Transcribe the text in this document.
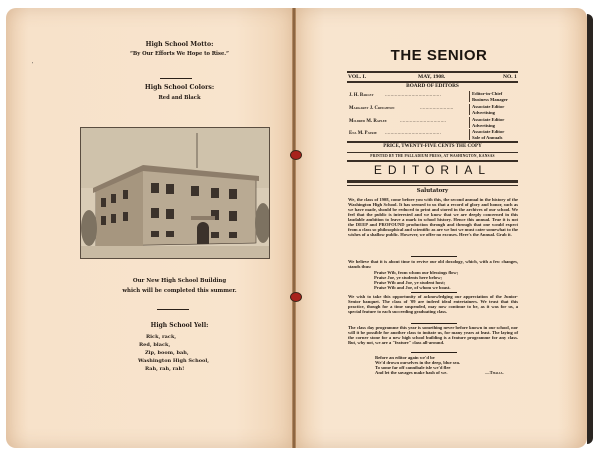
'
High School Motto:
“By Our Efforts We Hope to Rise.”
High School Colors:
Red and Black
Our New High School Building
which will be completed this summer.
High School Yell:
Rick, rack,
Red, black,
Zip, boom, bah,
Washington High School,
Rah, rah, rah!
THE SENIOR
VOL. I.	MAY, 1908.	NO. 1
BOARD OF EDITORS
J. H. Barley ........................................	Editor-in-Chief
Business Manager
Margaret J. Creighton	........................	Associate Editor
Advertising
Mildred M. Raplee	.................................	Associate Editor
Advertising
Ena M. Patrie ........................................	Associate Editor
Sale of Annuals
PRICE, TWENTY-FIVE CENTS THE COPY
PRINTED BY THE PALLADIUM PRESS, AT WASHINGTON, KANSAS
EDITORIAL
Salutatory
We, the class of 1908, come before you with this, the second annual in the history of the Washington High School. It has seemed to us that a record of glory and honor, such as we have made, should be reduced to print and stored in the archives of our school. We feel that the public is interested and we know that we are deeply concerned in this laudable ambition to leave a mark in school history. Hence this annual. True it is not the DEEP and PROFOUND production through and through that one would expect from a class so philosophical and scientific as are we but we must cater somewhat to the wishes of a shallow public. However, we offer no excuses. Here's the Annual. Grab it.
We believe that it is about time to revive our old doxology, which, with a few changes, stands thus:
Praise Wib, from whom our blessings flow;
Praise Joe, ye students here below;
Praise Wib and Joe, ye student host;
Praise Wib and Joe, of whom we boast.
We wish to take this opportunity of acknowledging our appreciation of the Junior-Senior banquet. The class of '09 are indeed ideal entertainers. We trust that this practice, though for a time suspended, may now continue to be, as it was for us, a special feature to each succeeding graduating class.
The class day programme this year is something never before known in our school, nor will it be possible for another class to imitate us, for many years at least. The laying of the corner stone for a new high school building is a feature programme for any class. But, why not, we are a "feature" class all-around.
Before an editor again we'd be
We'd drown ourselves in the deep, blue sea.
To some far off cannibale isle we'd flee
And let the savages make hash of we.	—Thalia.
